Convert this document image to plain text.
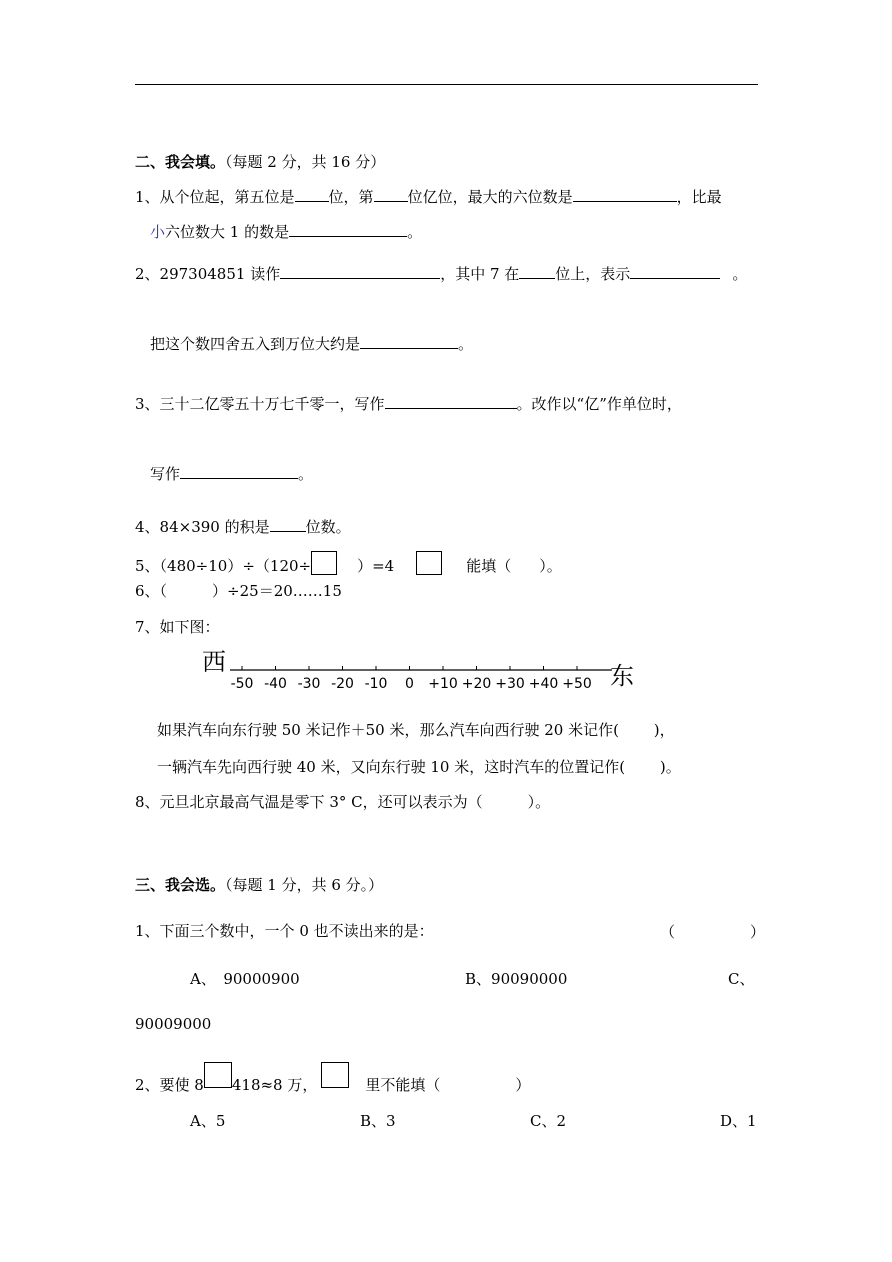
二、我会填。（每题 2 分，共 16 分）
1、从个位起，第五位是 位，第 位亿位，最大的六位数是	，比最
小六位数大 1 的数是	。
2、297304851 读作	，其中 7 在 位上，表示	。
把这个数四舍五入到万位大约是	。
3、三十二亿零五十万七千零一，写作	。改作以“亿”作单位时，
写作	。
4、84×390 的积是 位数。
5、（480÷10）÷（120÷	）=4	能填（ ）。
6、（　　　）÷25＝20……15
7、如下图：
西	东
-50 -40 -30 -20 -10 0 +10 +20 +30 +40 +50
如果汽车向东行驶 50 米记作＋50 米，那么汽车向西行驶 20 米记作(　　 )，
一辆汽车先向西行驶 40 米，又向东行驶 10 米，这时汽车的位置记作(　　 )。
8、元旦北京最高气温是零下 3° C，还可以表示为（　　　）。
三、我会选。（每题 1 分，共 6 分。）
1、下面三个数中，一个 0 也不读出来的是：	（　　　　　）
A、　90000900	B、90090000	C、
90009000
2、要使 8 418≈8 万，	里不能填（　　　　　）
A、5	B、3	C、2	D、1
